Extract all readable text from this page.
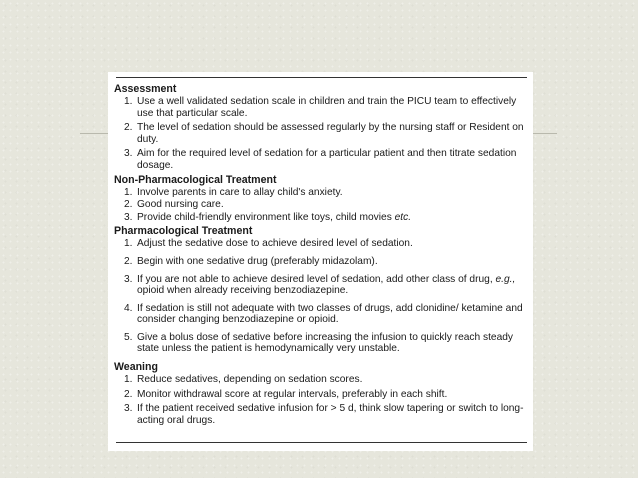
Assessment
1. Use a well validated sedation scale in children and train the PICU team to effectively use that particular scale.
2. The level of sedation should be assessed regularly by the nursing staff or Resident on duty.
3. Aim for the required level of sedation for a particular patient and then titrate sedation dosage.
Non-Pharmacological Treatment
1. Involve parents in care to allay child's anxiety.
2. Good nursing care.
3. Provide child-friendly environment like toys, child movies etc.
Pharmacological Treatment
1. Adjust the sedative dose to achieve desired level of sedation.
2. Begin with one sedative drug (preferably midazolam).
3. If you are not able to achieve desired level of sedation, add other class of drug, e.g., opioid when already receiving benzodiazepine.
4. If sedation is still not adequate with two classes of drugs, add clonidine/ ketamine and consider changing benzodiazepine or opioid.
5. Give a bolus dose of sedative before increasing the infusion to quickly reach steady state unless the patient is hemodynamically very unstable.
Weaning
1. Reduce sedatives, depending on sedation scores.
2. Monitor withdrawal score at regular intervals, preferably in each shift.
3. If the patient received sedative infusion for > 5 d, think slow tapering or switch to long-acting oral drugs.
